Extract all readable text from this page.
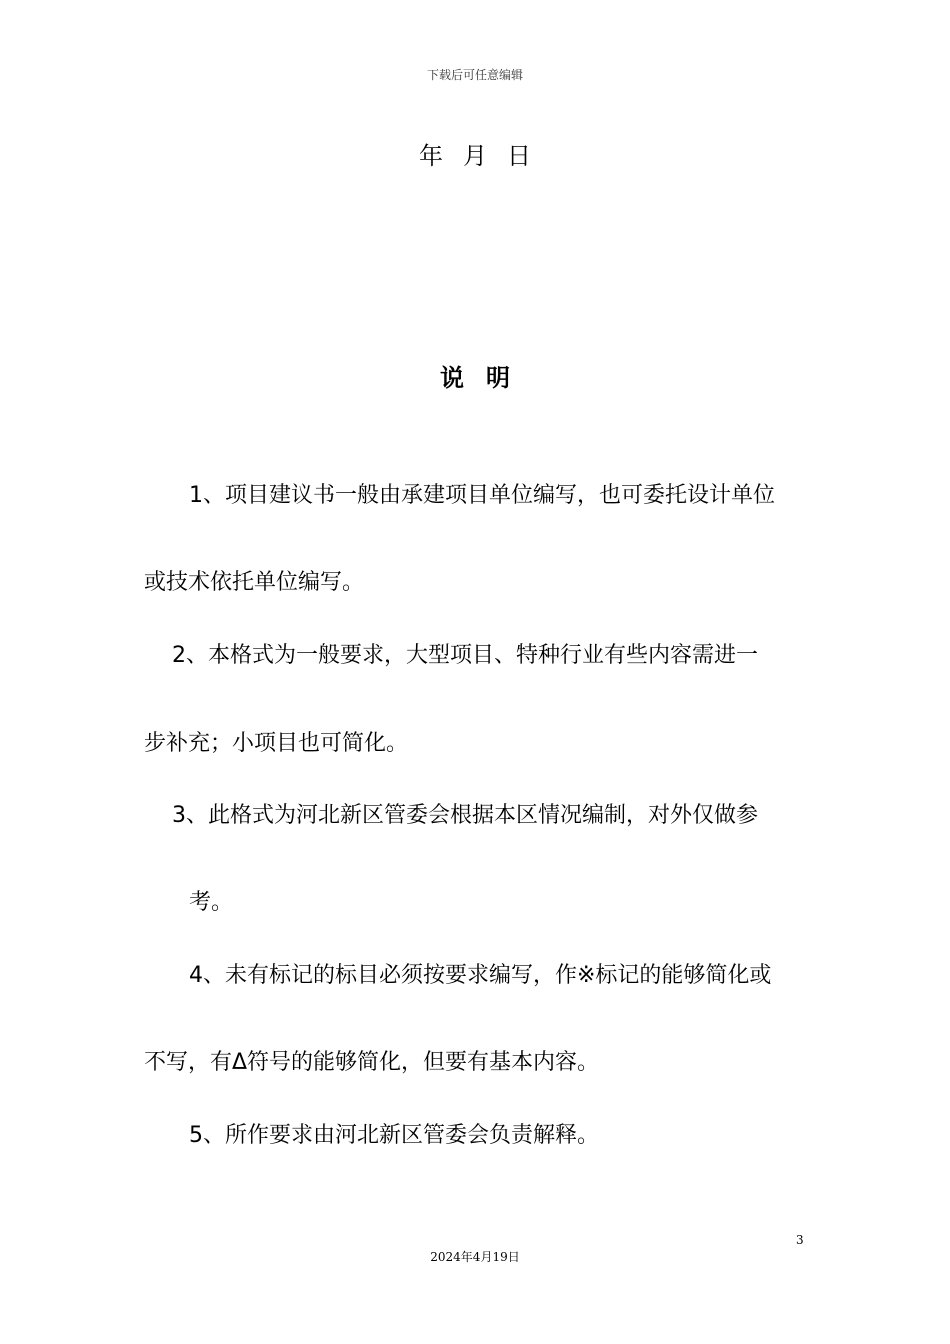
下载后可任意编辑
年月日
说明
1、项目建议书一般由承建项目单位编写，也可委托设计单位
或技术依托单位编写。
2、本格式为一般要求，大型项目、特种行业有些内容需进一
步补充；小项目也可简化。
3、此格式为河北新区管委会根据本区情况编制，对外仅做参
考。
4、未有标记的标目必须按要求编写，作※标记的能够简化或
不写，有Δ符号的能够简化，但要有基本内容。
5、所作要求由河北新区管委会负责解释。
3
2024年4月19日
